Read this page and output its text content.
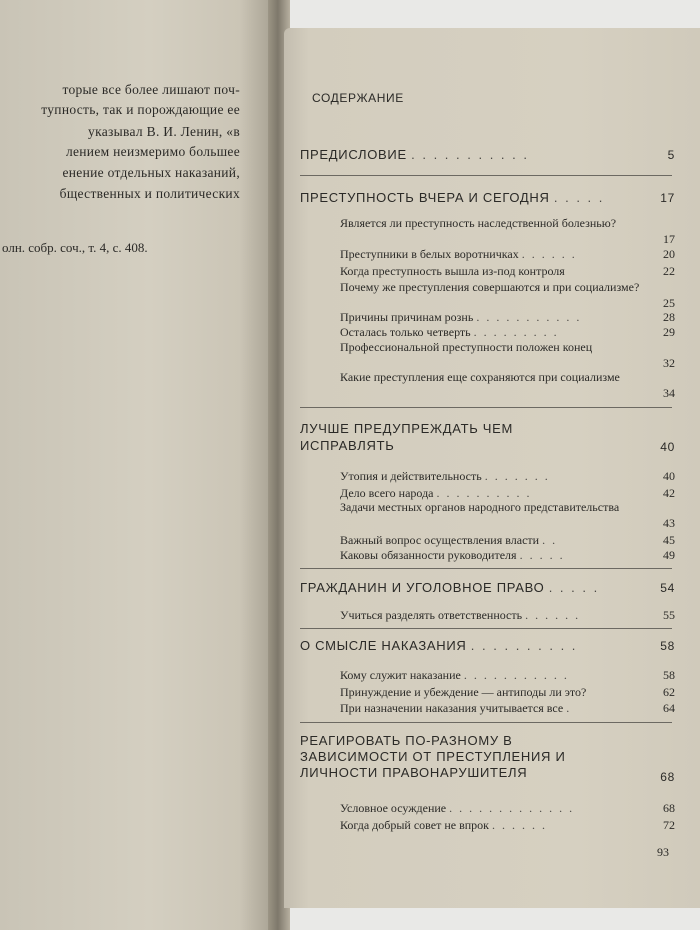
торые все более лишают поч-
тупность, так и порождающие ее
указывал В. И. Ленин, «в
лением неизмеримо большее
енение отдельных наказаний,
бщественных и политических
олн. собр. соч., т. 4, с. 408.
СОДЕРЖАНИЕ
ПРЕДИСЛОВИЕ . . . . . . . . . . .	5
ПРЕСТУПНОСТЬ ВЧЕРА И СЕГОДНЯ . . . . .	17
Является ли преступность наследственной болезнью?
17
Преступники в белых воротничках . . . . . .	20
Когда преступность вышла из-под контроля	22
Почему же преступления совершаются и при социализме?
25
Причины причинам рознь . . . . . . . . . . .	28
Осталась только четверть . . . . . . . . .	29
Профессиональной преступности положен конец
32
Какие преступления еще сохраняются при социализме
34
ЛУЧШЕ ПРЕДУПРЕЖДАТЬ ЧЕМ ИСПРАВЛЯТЬ	40
Утопия и действительность . . . . . . .	40
Дело всего народа . . . . . . . . . .	42
Задачи местных органов народного представительства
43
Важный вопрос осуществления власти . .	45
Каковы обязанности руководителя . . . . .	49
ГРАЖДАНИН И УГОЛОВНОЕ ПРАВО . . . . .	54
Учиться разделять ответственность . . . . . .	55
О СМЫСЛЕ НАКАЗАНИЯ . . . . . . . . . .	58
Кому служит наказание . . . . . . . . . . .	58
Принуждение и убеждение — антиподы ли это?	62
При назначении наказания учитывается все .	64
РЕАГИРОВАТЬ ПО-РАЗНОМУ В ЗАВИСИМОСТИ ОТ ПРЕСТУПЛЕНИЯ И ЛИЧНОСТИ ПРАВОНАРУШИТЕЛЯ	68
Условное осуждение . . . . . . . . . . . . .	68
Когда добрый совет не впрок . . . . . .	72
93
